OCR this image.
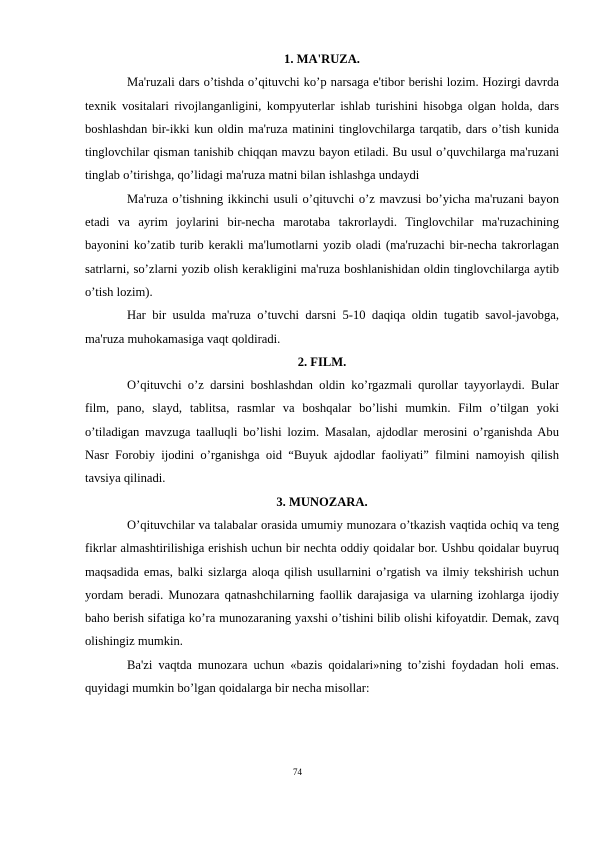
1. MA'RUZA.

Ma'ruzali dars o’tishda o’qituvchi ko’p narsaga e'tibor berishi lozim. Hozirgi davrda texnik vositalari rivojlanganligini, kompyuterlar ishlab turishini hisobga olgan holda, dars boshlashdan bir-ikki kun oldin ma'ruza matinini tinglovchilarga tarqatib, dars o’tish kunida tinglovchilar qisman tanishib chiqqan mavzu bayon etiladi. Bu usul o’quvchilarga ma'ruzani tinglab o’tirishga, qo’lidagi ma'ruza matni bilan ishlashga undaydi

Ma'ruza o’tishning ikkinchi usuli o’qituvchi o’z mavzusi bo’yicha ma'ruzani bayon etadi va ayrim joylarini bir-necha marotaba takrorlaydi. Tinglovchilar ma'ruzachining bayonini ko’zatib turib kerakli ma'lumotlarni yozib oladi (ma'ruzachi bir-necha takrorlagan satrlarni, so’zlarni yozib olish kerakligini ma'ruza boshlanishidan oldin tinglovchilarga aytib o’tish lozim).

Har bir usulda ma'ruza o’tuvchi darsni 5-10 daqiqa oldin tugatib savol-javobga, ma'ruza muhokamasiga vaqt qoldiradi.

2. FILM.

O’qituvchi o’z darsini boshlashdan oldin ko’rgazmali qurollar tayyorlaydi. Bular film, pano, slayd, tablitsa, rasmlar va boshqalar bo’lishi mumkin. Film o’tilgan yoki o’tiladigan mavzuga taalluqli bo’lishi lozim. Masalan, ajdodlar merosini o’rganishda Abu Nasr Forobiy ijodini o’rganishga oid “Buyuk ajdodlar faoliyati” filmini namoyish qilish tavsiya qilinadi.

3. MUNOZARA.

O’qituvchilar va talabalar orasida umumiy munozara o’tkazish vaqtida ochiq va teng fikrlar almashtirilishiga erishish uchun bir nechta oddiy qoidalar bor. Ushbu qoidalar buyruq maqsadida emas, balki sizlarga aloqa qilish usullarnini o’rgatish va ilmiy tekshirish uchun yordam beradi. Munozara qatnashchilarning faollik darajasiga va ularning izohlarga ijodiy baho berish sifatiga ko’ra munozaraning yaxshi o’tishini bilib olishi kifoyatdir. Demak, zavq olishingiz mumkin.

Ba'zi vaqtda munozara uchun «bazis qoidalari»ning to’zishi foydadan holi emas. quyidagi mumkin bo’lgan qoidalarga bir necha misollar:

74
